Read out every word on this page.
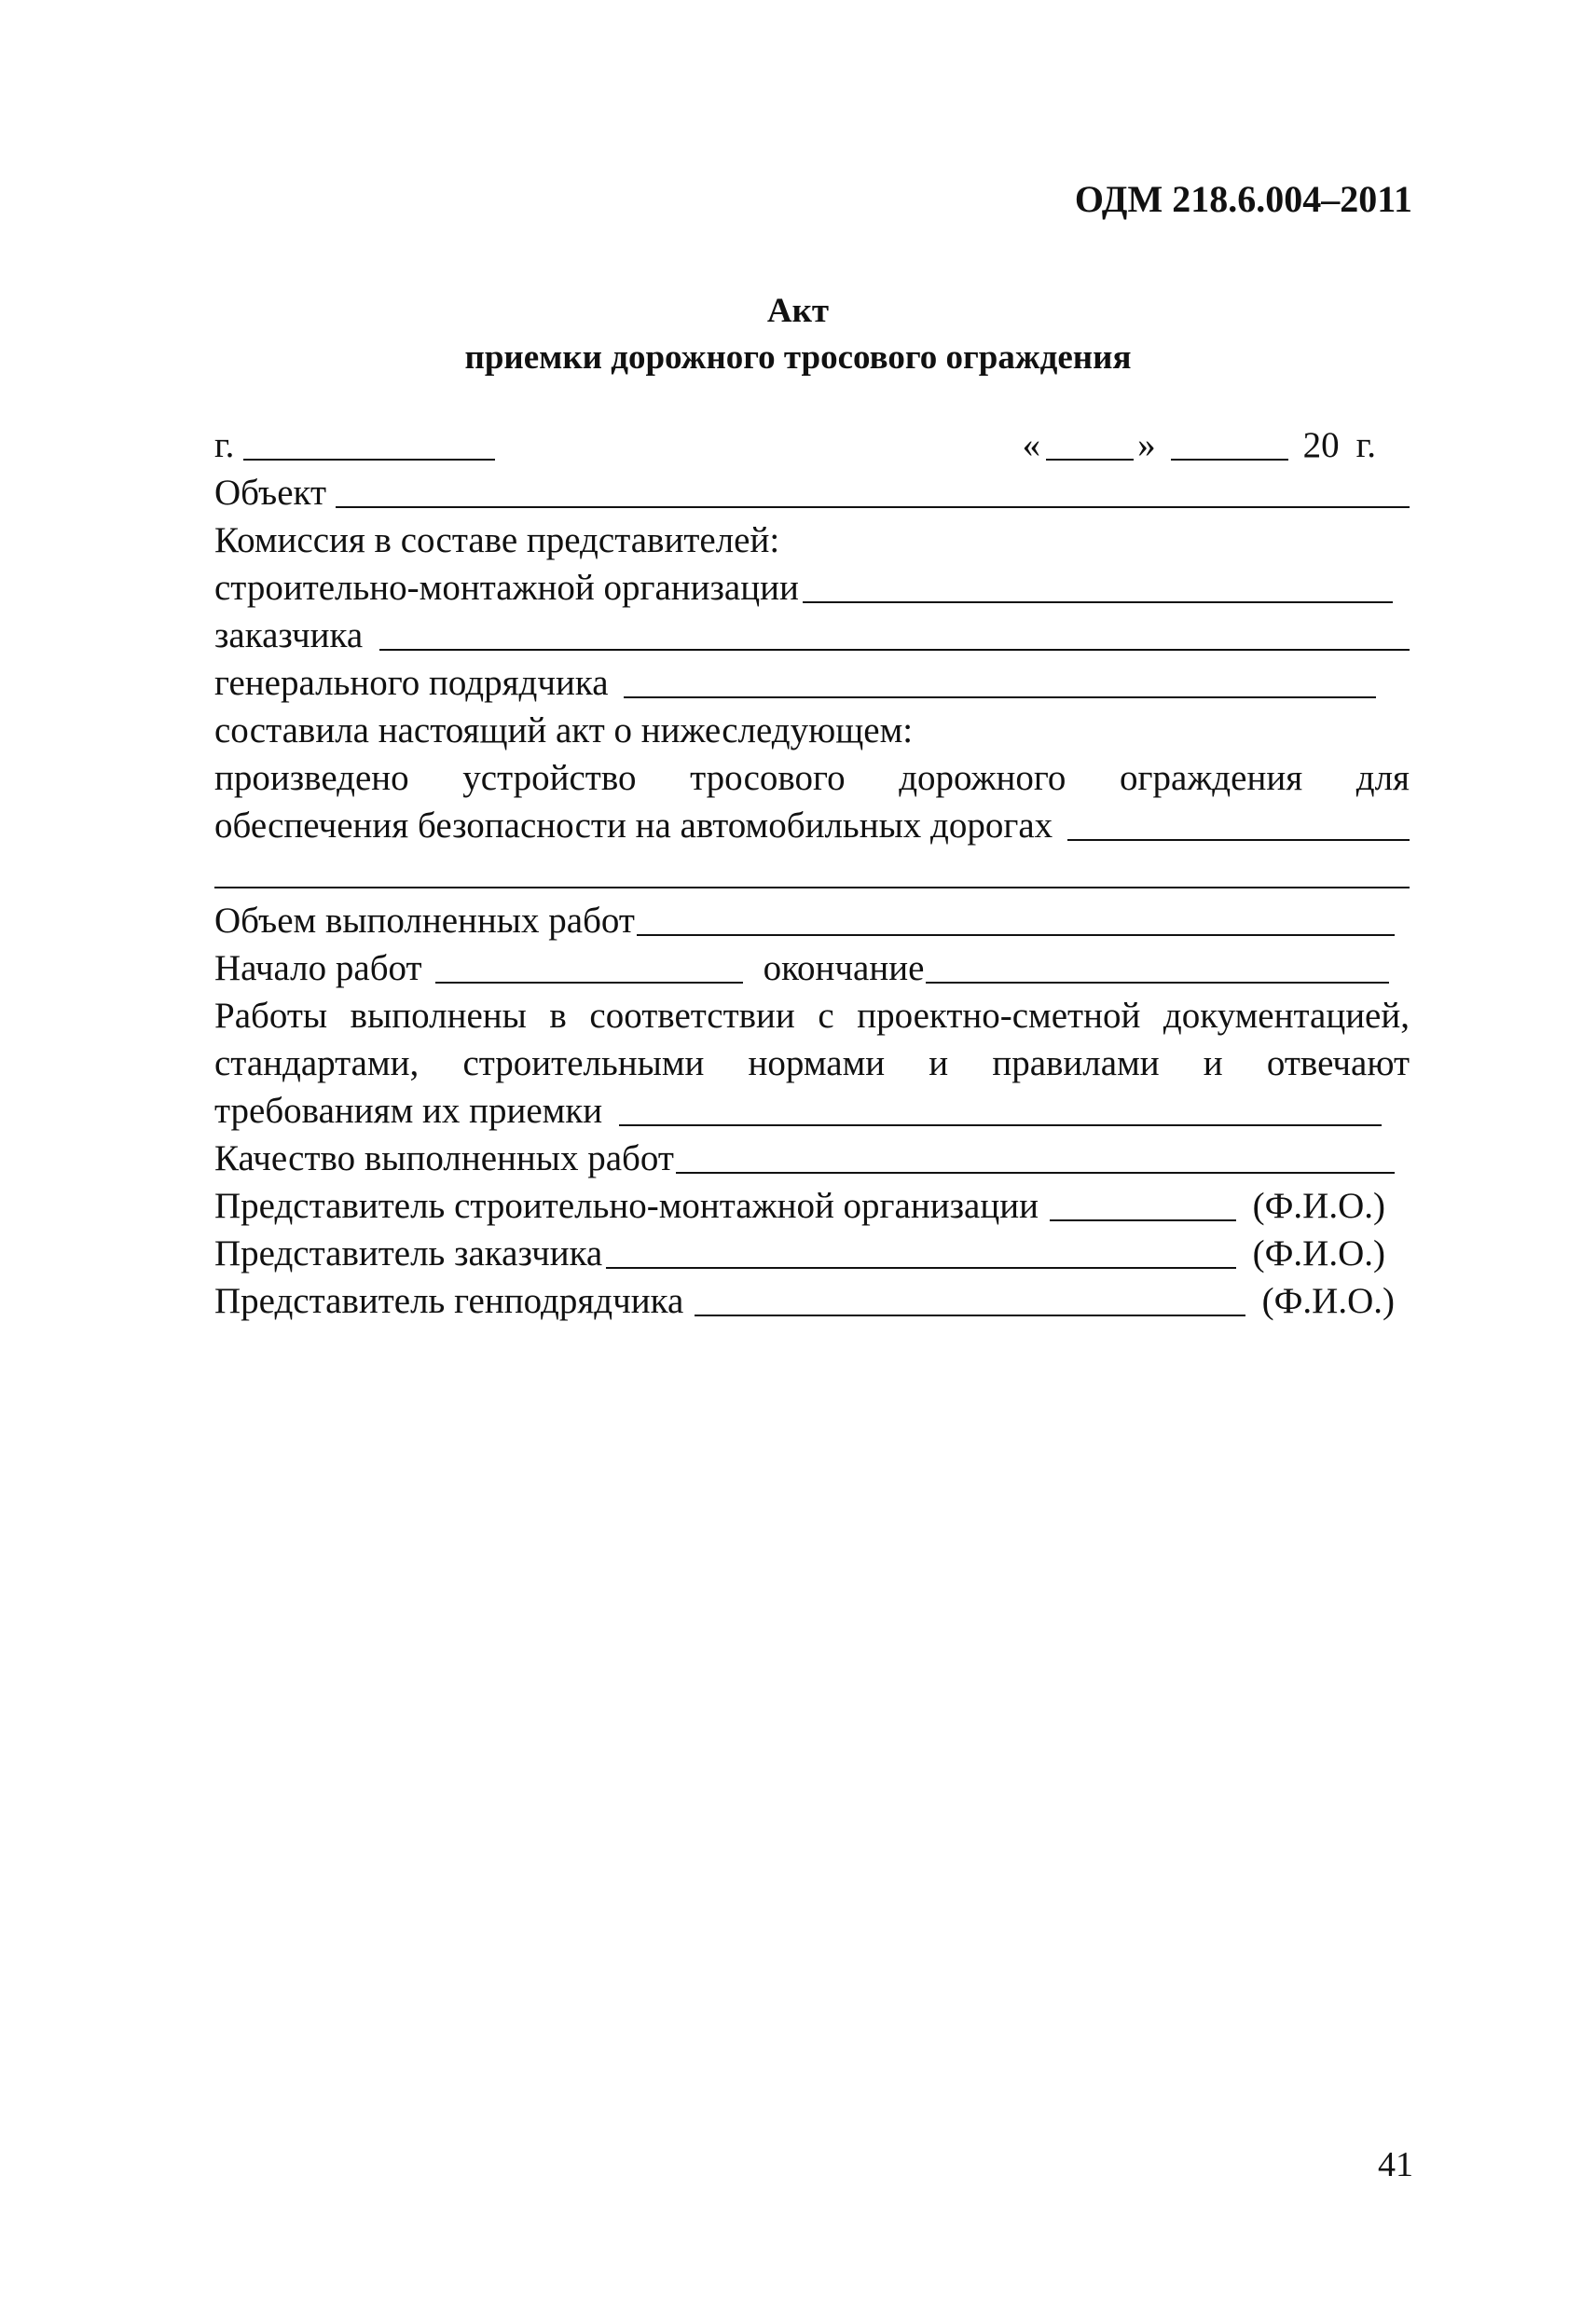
ОДМ 218.6.004–2011
Акт
приемки дорожного тросового ограждения
г.	«	»	20 г.
Объект
Комиссия в составе представителей:
строительно-монтажной организации
заказчика
генерального подрядчика
составила настоящий акт о нижеследующем:
произведено устройство тросового дорожного ограждения для
обеспечения безопасности на автомобильных дорогах
Объем выполненных работ
Начало работ	окончание
Работы выполнены в соответствии с проектно-сметной документацией,
стандартами, строительными нормами и правилами и отвечают
требованиям их приемки
Качество выполненных работ
Представитель строительно-монтажной организации	(Ф.И.О.)
Представитель заказчика	(Ф.И.О.)
Представитель генподрядчика	(Ф.И.О.)
41
